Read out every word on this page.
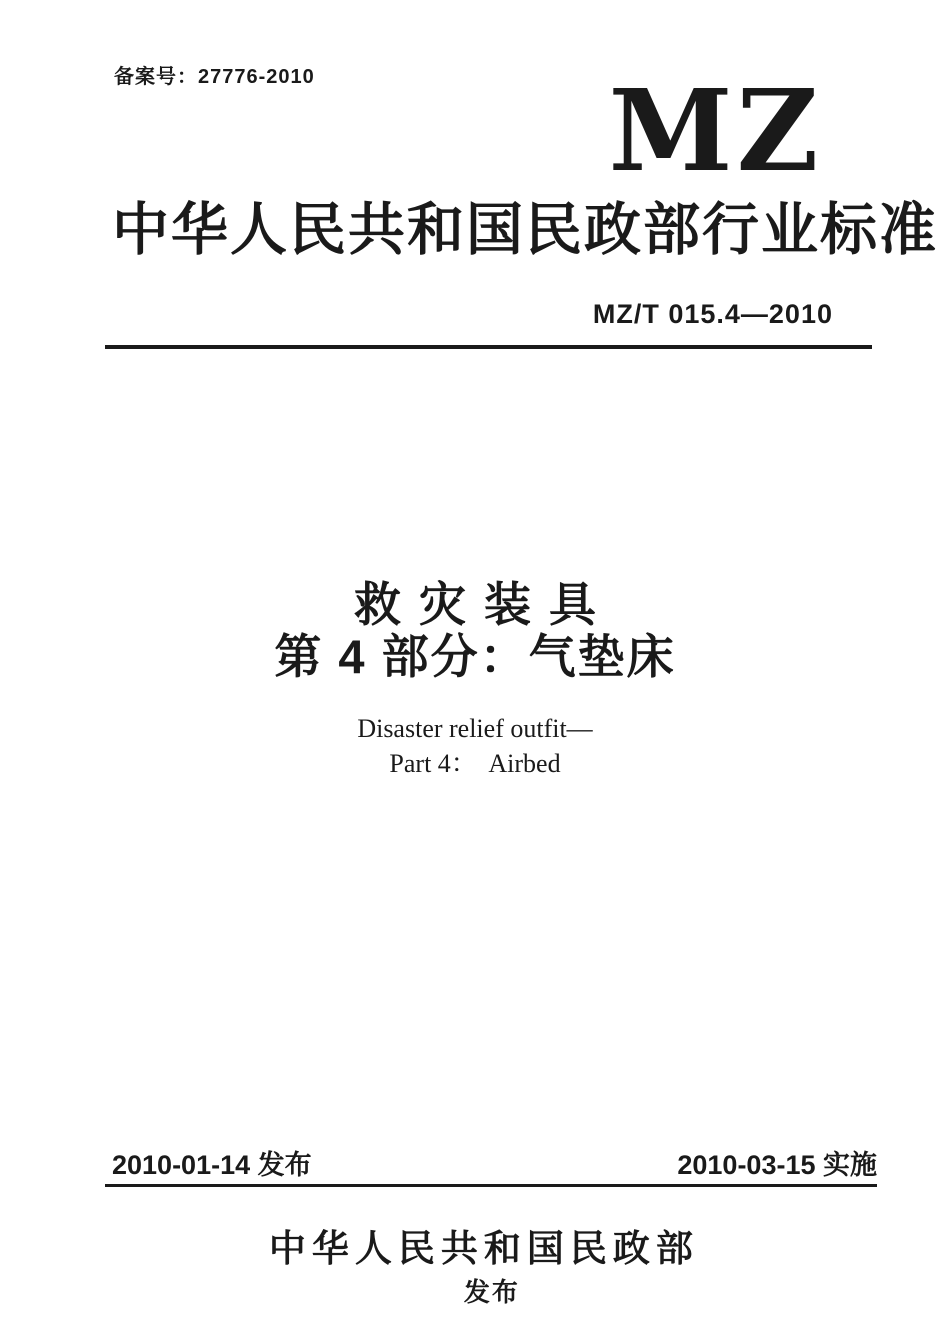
备案号：27776-2010	MZ
中华人民共和国民政部行业标准
MZ/T 015.4—2010
救灾装具
第 4 部分：气垫床
Disaster relief outfit—
Part 4：  Airbed
2010-01-14 发布	2010-03-15 实施

中华人民共和国民政部
发布
